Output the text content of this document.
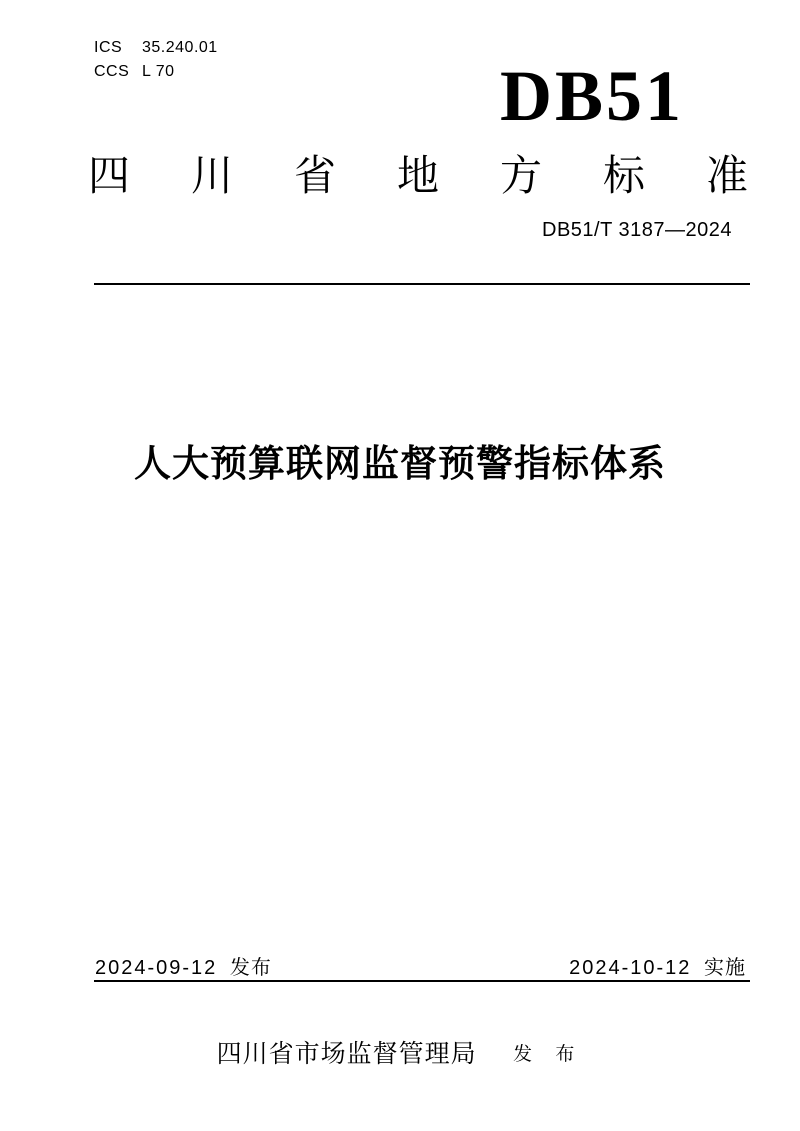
ICS	35.240.01
CCS L 70	DB51
四川省地方标准
DB51/T 3187—2024
人大预算联网监督预警指标体系
2024-09-12 发布	2024-10-12 实施
四川省市场监督管理局 发 布
